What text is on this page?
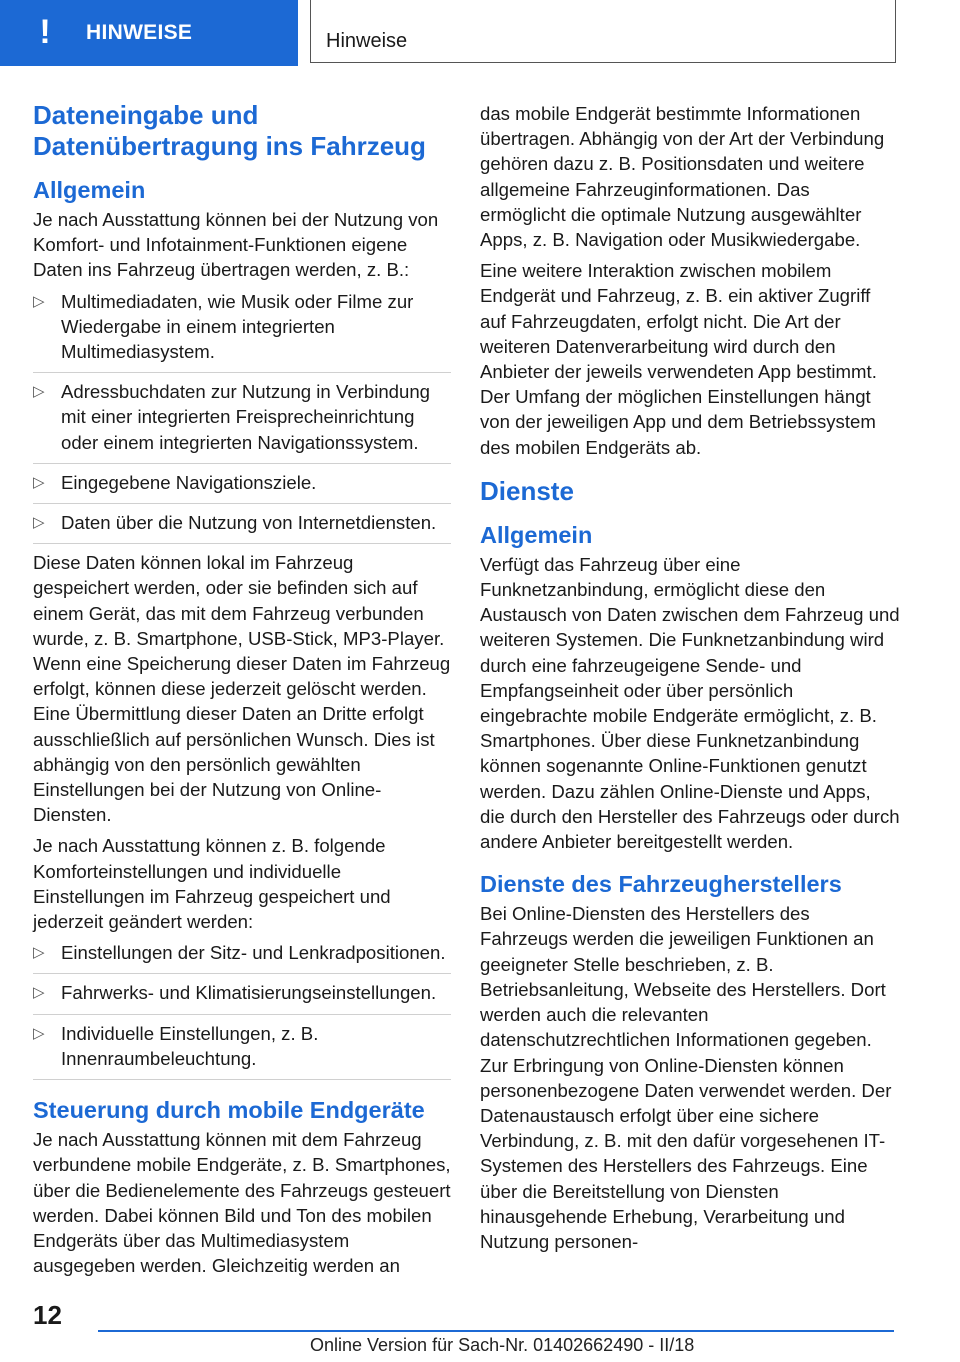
! HINWEISE	Hinweise
Dateneingabe und Datenübertragung ins Fahrzeug
Allgemein

Je nach Ausstattung können bei der Nutzung von Komfort- und Infotainment-Funktionen eigene Daten ins Fahrzeug übertragen werden, z. B.:

▷ Multimediadaten, wie Musik oder Filme zur Wiedergabe in einem integrierten Multimediasystem.
▷ Adressbuchdaten zur Nutzung in Verbindung mit einer integrierten Freisprecheinrichtung oder einem integrierten Navigationssystem.
▷ Eingegebene Navigationsziele.
▷ Daten über die Nutzung von Internetdiensten.

Diese Daten können lokal im Fahrzeug gespeichert werden, oder sie befinden sich auf einem Gerät, das mit dem Fahrzeug verbunden wurde, z. B. Smartphone, USB-Stick, MP3-Player. Wenn eine Speicherung dieser Daten im Fahrzeug erfolgt, können diese jederzeit gelöscht werden. Eine Übermittlung dieser Daten an Dritte erfolgt ausschließlich auf persönlichen Wunsch. Dies ist abhängig von den persönlich gewählten Einstellungen bei der Nutzung von Online-Diensten.

Je nach Ausstattung können z. B. folgende Komforteinstellungen und individuelle Einstellungen im Fahrzeug gespeichert und jederzeit geändert werden:

▷ Einstellungen der Sitz- und Lenkradpositionen.
▷ Fahrwerks- und Klimatisierungseinstellungen.
▷ Individuelle Einstellungen, z. B. Innenraumbeleuchtung.
Steuerung durch mobile Endgeräte

Je nach Ausstattung können mit dem Fahrzeug verbundene mobile Endgeräte, z. B. Smartphones, über die Bedienelemente des Fahrzeugs gesteuert werden. Dabei können Bild und Ton des mobilen Endgeräts über das Multimediasystem ausgegeben werden. Gleichzeitig werden an

das mobile Endgerät bestimmte Informationen übertragen. Abhängig von der Art der Verbindung gehören dazu z. B. Positionsdaten und weitere allgemeine Fahrzeuginformationen. Das ermöglicht die optimale Nutzung ausgewählter Apps, z. B. Navigation oder Musikwiedergabe.

Eine weitere Interaktion zwischen mobilem Endgerät und Fahrzeug, z. B. ein aktiver Zugriff auf Fahrzeugdaten, erfolgt nicht. Die Art der weiteren Datenverarbeitung wird durch den Anbieter der jeweils verwendeten App bestimmt. Der Umfang der möglichen Einstellungen hängt von der jeweiligen App und dem Betriebssystem des mobilen Endgeräts ab.

Dienste
Allgemein

Verfügt das Fahrzeug über eine Funknetzanbindung, ermöglicht diese den Austausch von Daten zwischen dem Fahrzeug und weiteren Systemen. Die Funknetzanbindung wird durch eine fahrzeugeigene Sende- und Empfangseinheit oder über persönlich eingebrachte mobile Endgeräte ermöglicht, z. B. Smartphones. Über diese Funknetzanbindung können sogenannte Online-Funktionen genutzt werden. Dazu zählen Online-Dienste und Apps, die durch den Hersteller des Fahrzeugs oder durch andere Anbieter bereitgestellt werden.

Dienste des Fahrzeugherstellers

Bei Online-Diensten des Herstellers des Fahrzeugs werden die jeweiligen Funktionen an geeigneter Stelle beschrieben, z. B. Betriebsanleitung, Webseite des Herstellers. Dort werden auch die relevanten datenschutzrechtlichen Informationen gegeben. Zur Erbringung von Online-Diensten können personenbezogene Daten verwendet werden. Der Datenaustausch erfolgt über eine sichere Verbindung, z. B. mit den dafür vorgesehenen IT-Systemen des Herstellers des Fahrzeugs. Eine über die Bereitstellung von Diensten hinausgehende Erhebung, Verarbeitung und Nutzung personen-

12
Online Version für Sach-Nr. 01402662490 - II/18
